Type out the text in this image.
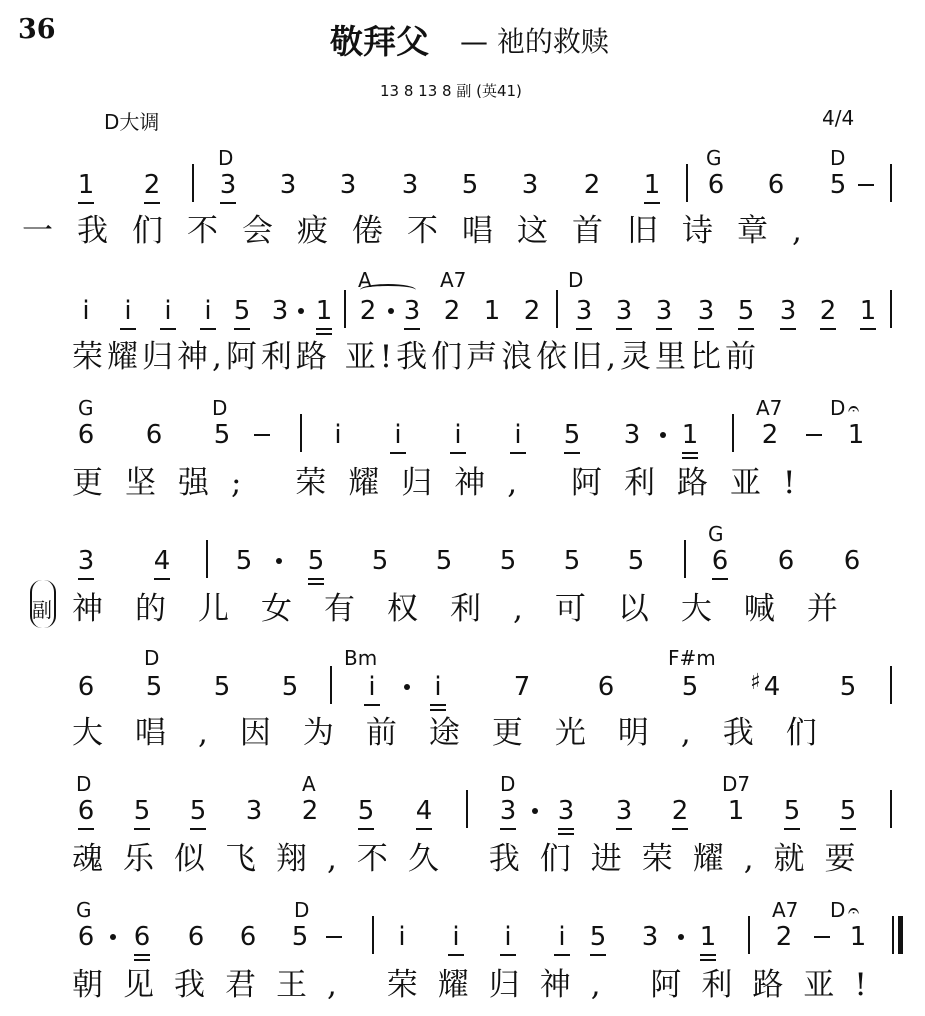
36	敬拜父 — 祂的救赎
13 8 13 8 副 (英41)
D大调	4/4
D	G	D
A	A7	D
G	D	A7 D
G
D	Bm	F#m
D	A	D	D7
G	D	A7 D
𝄐
𝄐
一我们不会疲倦不唱这首旧诗章,
荣耀归神,阿利路 亚!我们声浪依旧,灵里比前
更坚强; 荣耀归神, 阿利路亚!
副 神的儿女有权利,可以大喊并
大唱,因为前途更光明,我们
魂乐似飞翔,不久 我们进荣耀,就要
朝见我君王, 荣耀归神, 阿利路亚!
1 2 3 3 3 3 5 3 2 1 6 6 5
i	i	i	i 5 3 1 2 3 2 1 2 3 3 3 3 5 3 2 1
6 6 5	i	i	i	i	5 3 1 2	1
3 4	5 5 5 5 5 5 5	6 6 6
6 5 5 5	i	i	7	6	5 ♯ 4 5
6 5 5 3 2 5 4	3 3 3 2 1 5 5
6 6 6 6 5	i	i	i	i 5 3 1 2 1
